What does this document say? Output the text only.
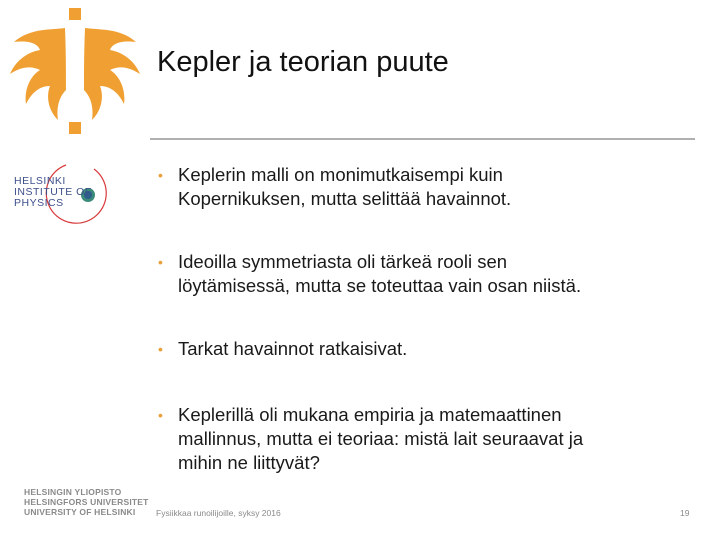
HELSINKI
INSTITUTE OF
PHYSICS
Kepler ja teorian puute
• Keplerin malli on monimutkaisempi kuin
Kopernikuksen, mutta selittää havainnot.
• Ideoilla symmetriasta oli tärkeä rooli sen
löytämisessä, mutta se toteuttaa vain osan niistä.
• Tarkat havainnot ratkaisivat.
• Keplerillä oli mukana empiria ja matemaattinen
mallinnus, mutta ei teoriaa: mistä lait seuraavat ja
mihin ne liittyvät?
HELSINGIN YLIOPISTO
HELSINGFORS UNIVERSITET
UNIVERSITY OF HELSINKI	Fysiikkaa runoilijoille, syksy 2016	19
